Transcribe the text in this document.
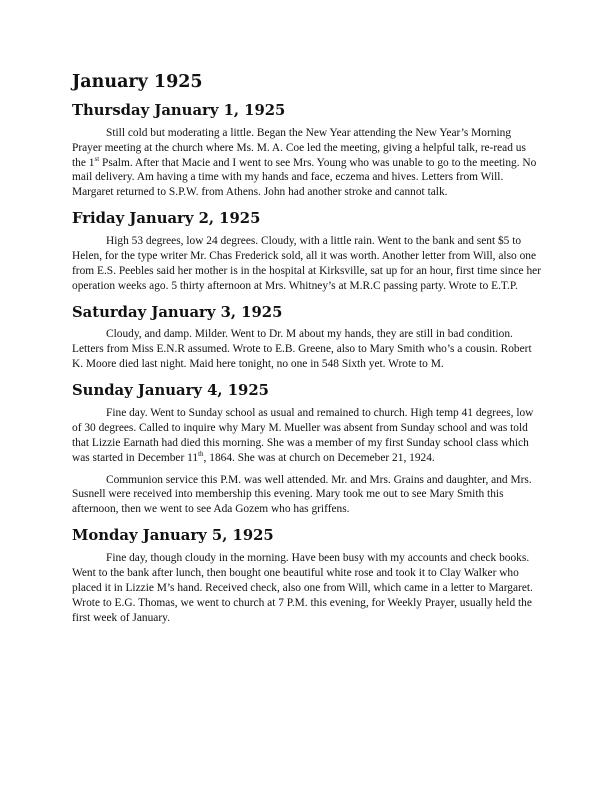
January 1925
Thursday January 1, 1925

Still cold but moderating a little. Began the New Year attending the New Year’s Morning Prayer meeting at the church where Ms. M. A. Coe led the meeting, giving a helpful talk, re-read us the 1st Psalm. After that Macie and I went to see Mrs. Young who was unable to go to the meeting. No mail delivery. Am having a time with my hands and face, eczema and hives. Letters from Will. Margaret returned to S.P.W. from Athens. John had another stroke and cannot talk.

Friday January 2, 1925

High 53 degrees, low 24 degrees. Cloudy, with a little rain. Went to the bank and sent $5 to Helen, for the type writer Mr. Chas Frederick sold, all it was worth. Another letter from Will, also one from E.S. Peebles said her mother is in the hospital at Kirksville, sat up for an hour, first time since her operation weeks ago. 5 thirty afternoon at Mrs. Whitney’s at M.R.C passing party. Wrote to E.T.P.

Saturday January 3, 1925

Cloudy, and damp. Milder. Went to Dr. M about my hands, they are still in bad condition. Letters from Miss E.N.R assumed. Wrote to E.B. Greene, also to Mary Smith who’s a cousin. Robert K. Moore died last night. Maid here tonight, no one in 548 Sixth yet. Wrote to M.

Sunday January 4, 1925

Fine day. Went to Sunday school as usual and remained to church. High temp 41 degrees, low of 30 degrees. Called to inquire why Mary M. Mueller was absent from Sunday school and was told that Lizzie Earnath had died this morning. She was a member of my first Sunday school class which was started in December 11th, 1864. She was at church on Decemeber 21, 1924.

Communion service this P.M. was well attended. Mr. and Mrs. Grains and daughter, and Mrs. Susnell were received into membership this evening. Mary took me out to see Mary Smith this afternoon, then we went to see Ada Gozem who has griffens.

Monday January 5, 1925

Fine day, though cloudy in the morning. Have been busy with my accounts and check books. Went to the bank after lunch, then bought one beautiful white rose and took it to Clay Walker who placed it in Lizzie M’s hand. Received check, also one from Will, which came in a letter to Margaret. Wrote to E.G. Thomas, we went to church at 7 P.M. this evening, for Weekly Prayer, usually held the first week of January.
